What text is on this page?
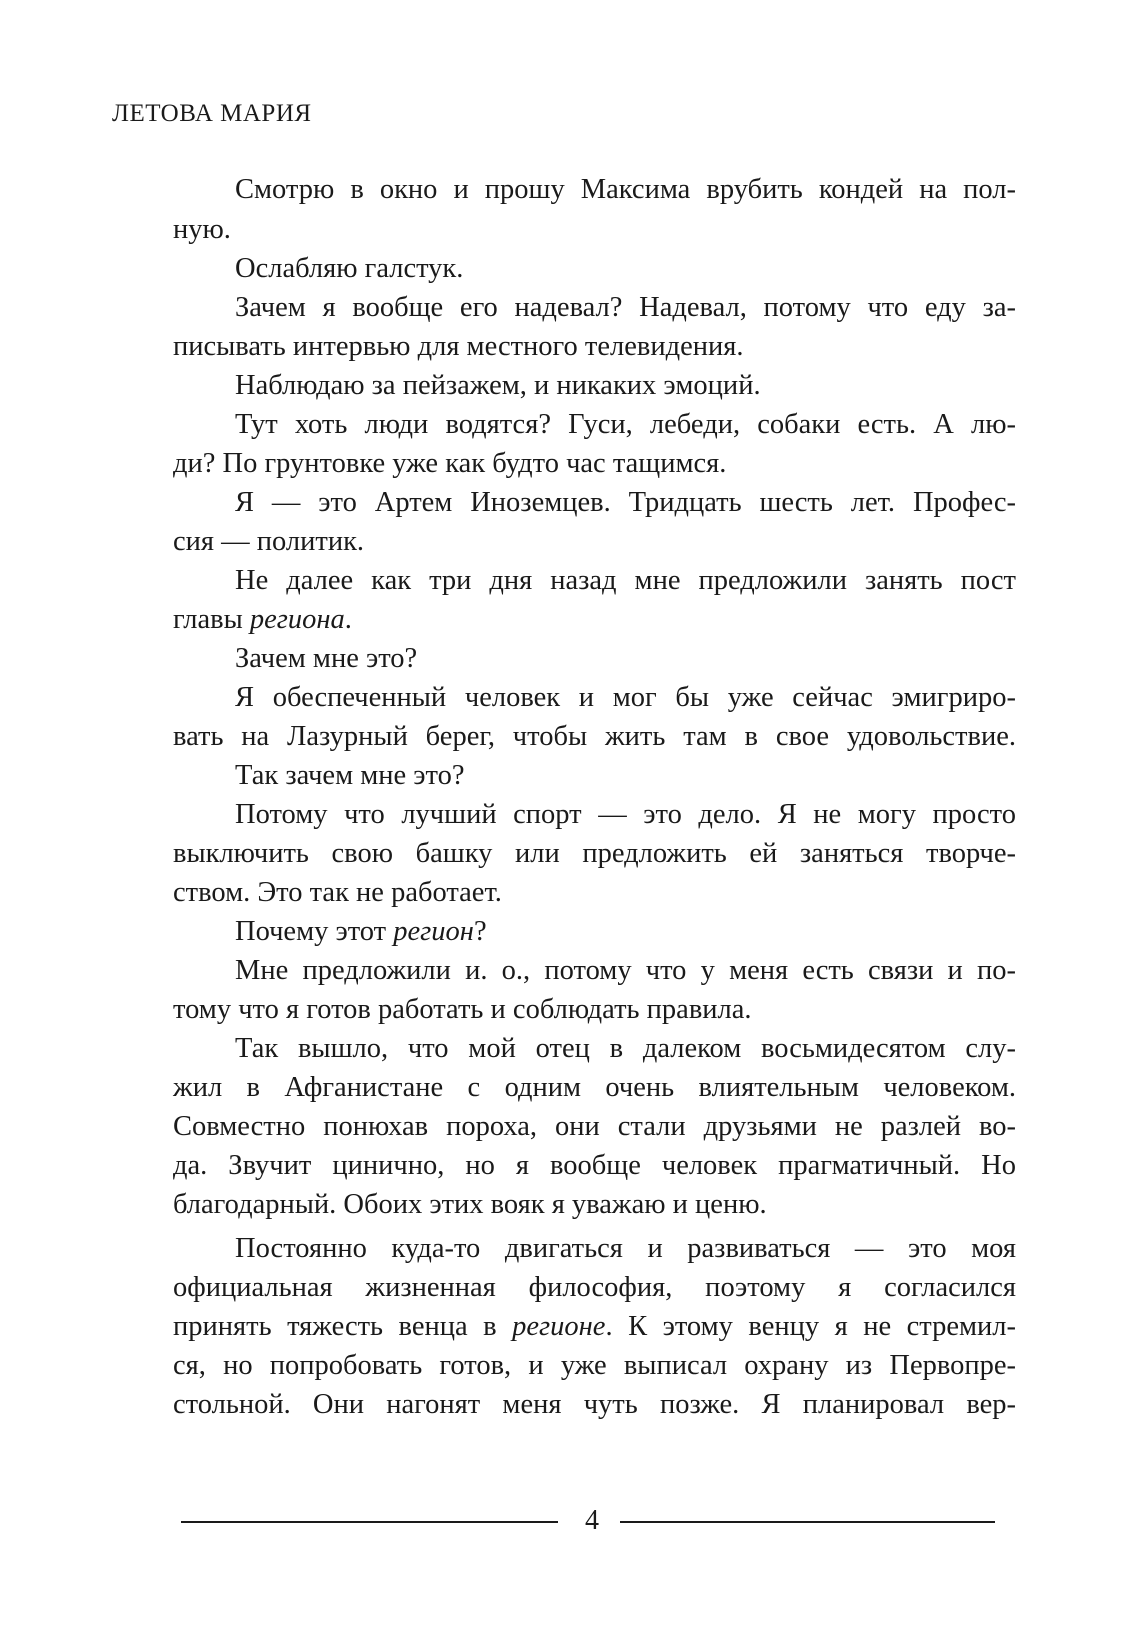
ЛЕТОВА МАРИЯ
Смотрю в окно и прошу Максима врубить кондей на пол-
ную.
Ослабляю галстук.
Зачем я вообще его надевал? Надевал, потому что еду за-
писывать интервью для местного телевидения.
Наблюдаю за пейзажем, и никаких эмоций.
Тут хоть люди водятся? Гуси, лебеди, собаки есть. А лю-
ди? По грунтовке уже как будто час тащимся.
Я — это Артем Иноземцев. Тридцать шесть лет. Профес-
сия — политик.
Не далее как три дня назад мне предложили занять пост
главы региона.
Зачем мне это?
Я обеспеченный человек и мог бы уже сейчас эмигриро-
вать на Лазурный берег, чтобы жить там в свое удовольствие.
Так зачем мне это?
Потому что лучший спорт — это дело. Я не могу просто
выключить свою башку или предложить ей заняться творче-
ством. Это так не работает.
Почему этот регион?
Мне предложили и. о., потому что у меня есть связи и по-
тому что я готов работать и соблюдать правила.
Так вышло, что мой отец в далеком восьмидесятом слу-
жил в Афганистане с одним очень влиятельным человеком.
Совместно понюхав пороха, они стали друзьями не разлей во-
да. Звучит цинично, но я вообще человек прагматичный. Но
благодарный. Обоих этих вояк я уважаю и ценю.
Постоянно куда-то двигаться и развиваться — это моя
официальная жизненная философия, поэтому я согласился
принять тяжесть венца в регионе. К этому венцу я не стремил-
ся, но попробовать готов, и уже выписал охрану из Первопре-
стольной. Они нагонят меня чуть позже. Я планировал вер-
4
